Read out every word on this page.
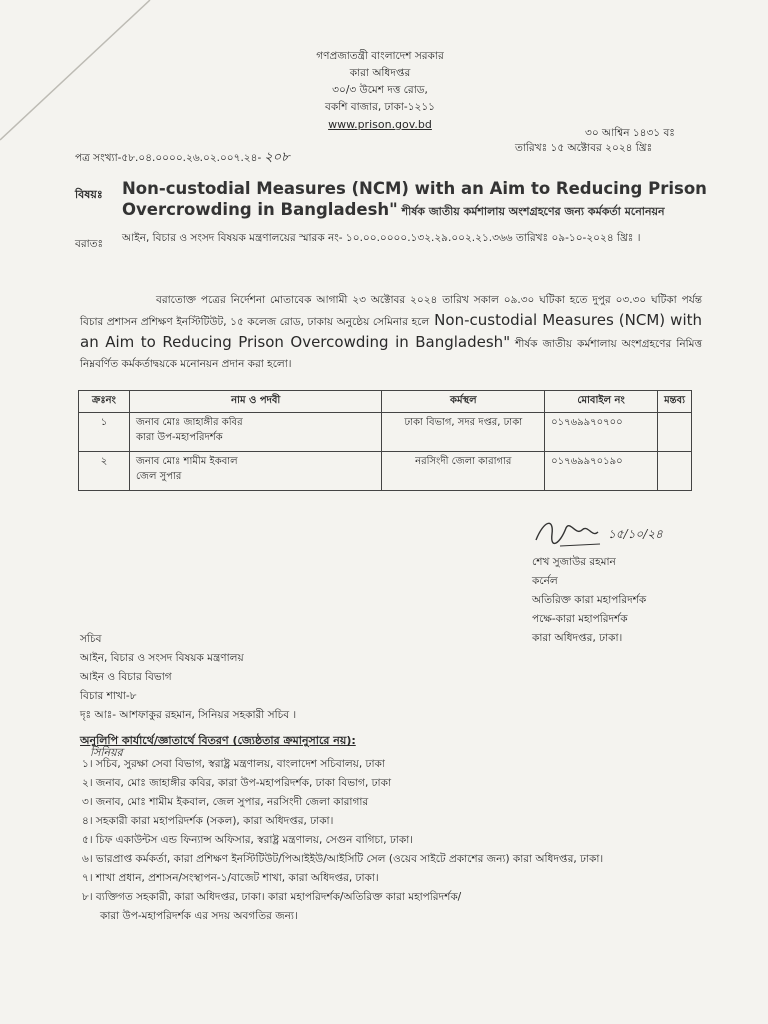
গণপ্রজাতন্ত্রী বাংলাদেশ সরকার
কারা অধিদপ্তর
৩০/৩ উমেশ দত্ত রোড,
বকশি বাজার, ঢাকা-১২১১
www.prison.gov.bd
৩০ আশ্বিন ১৪৩১ বঃ
তারিখঃ ১৫ অক্টোবর ২০২৪ খ্রিঃ
পত্র সংখ্যা-৫৮.০৪.০০০০.২৬.০২.০০৭.২৪- ২০৮
বিষয়ঃ Non-custodial Measures (NCM) with an Aim to Reducing Prison Overcrowding in Bangladesh" শীর্ষক জাতীয় কর্মশালায় অংশগ্রহণের জন্য কর্মকর্তা মনোনয়ন
বরাতঃ আইন, বিচার ও সংসদ বিষয়ক মন্ত্রণালয়ের স্মারক নং- ১০.০০.০০০০.১৩২.২৯.০০২.২১.৩৬৬ তারিখঃ ০৯-১০-২০২৪ খ্রিঃ ।
বরাতোক্ত পত্রের নির্দেশনা মোতাবেক আগামী ২৩ অক্টোবর ২০২৪ তারিখ সকাল ০৯.৩০ ঘটিকা হতে দুপুর ০৩.৩০ ঘটিকা পর্যন্ত বিচার প্রশাসন প্রশিক্ষণ ইনস্টিটিউট, ১৫ কলেজ রোড, ঢাকায় অনুষ্ঠেয় সেমিনার হলে Non-custodial Measures (NCM) with an Aim to Reducing Prison Overcowding in Bangladesh" শীর্ষক জাতীয় কর্মশালায় অংশগ্রহণের নিমিত্ত নিম্নবর্ণিত কর্মকর্তাদ্বয়কে মনোনয়ন প্রদান করা হলো।
ক্রঃনং	নাম ও পদবী	কর্মস্থল	মোবাইল নং	মন্তব্য
১	জনাব মোঃ জাহাঙ্গীর কবির
কারা উপ-মহাপরিদর্শক	ঢাকা বিভাগ, সদর দপ্তর, ঢাকা	০১৭৬৯৯৭০৭০০	
২	জনাব মোঃ শামীম ইকবাল
জেল সুপার	নরসিংদী জেলা কারাগার	০১৭৬৯৯৭০১৯০	
১৫/১০/২৪
শেখ সুজাউর রহমান
কর্নেল
অতিরিক্ত কারা মহাপরিদর্শক
পক্ষে-কারা মহাপরিদর্শক
কারা অধিদপ্তর, ঢাকা।
সচিব
আইন, বিচার ও সংসদ বিষয়ক মন্ত্রণালয়
আইন ও বিচার বিভাগ
বিচার শাখা-৮
দৃঃ আঃ- আশফাকুর রহমান, সিনিয়র সহকারী সচিব ।
অনুলিপি কার্যার্থে/জ্ঞাতার্থে বিতরণ (জ্যেষ্ঠতার ক্রমানুসারে নয়):
সিনিয়র
১। সচিব, সুরক্ষা সেবা বিভাগ, স্বরাষ্ট্র মন্ত্রণালয়, বাংলাদেশ সচিবালয়, ঢাকা
২। জনাব, মোঃ জাহাঙ্গীর কবির, কারা উপ-মহাপরিদর্শক, ঢাকা বিভাগ, ঢাকা
৩। জনাব, মোঃ শামীম ইকবাল, জেল সুপার, নরসিংদী জেলা কারাগার
৪। সহকারী কারা মহাপরিদর্শক (সকল), কারা অধিদপ্তর, ঢাকা।
৫। চিফ একাউন্টস এন্ড ফিন্যান্স অফিসার, স্বরাষ্ট্র মন্ত্রণালয়, সেগুন বাগিচা, ঢাকা।
৬। ভারপ্রাপ্ত কর্মকর্তা, কারা প্রশিক্ষণ ইনস্টিটিউট/পিআইইউ/আইসিটি সেল (ওয়েব সাইটে প্রকাশের জন্য) কারা অধিদপ্তর, ঢাকা।
৭। শাখা প্রধান, প্রশাসন/সংস্থাপন-১/বাজেট শাখা, কারা অধিদপ্তর, ঢাকা।
৮। ব্যক্তিগত সহকারী, কারা অধিদপ্তর, ঢাকা। কারা মহাপরিদর্শক/অতিরিক্ত কারা মহাপরিদর্শক/
কারা উপ-মহাপরিদর্শক এর সদয় অবগতির জন্য।
